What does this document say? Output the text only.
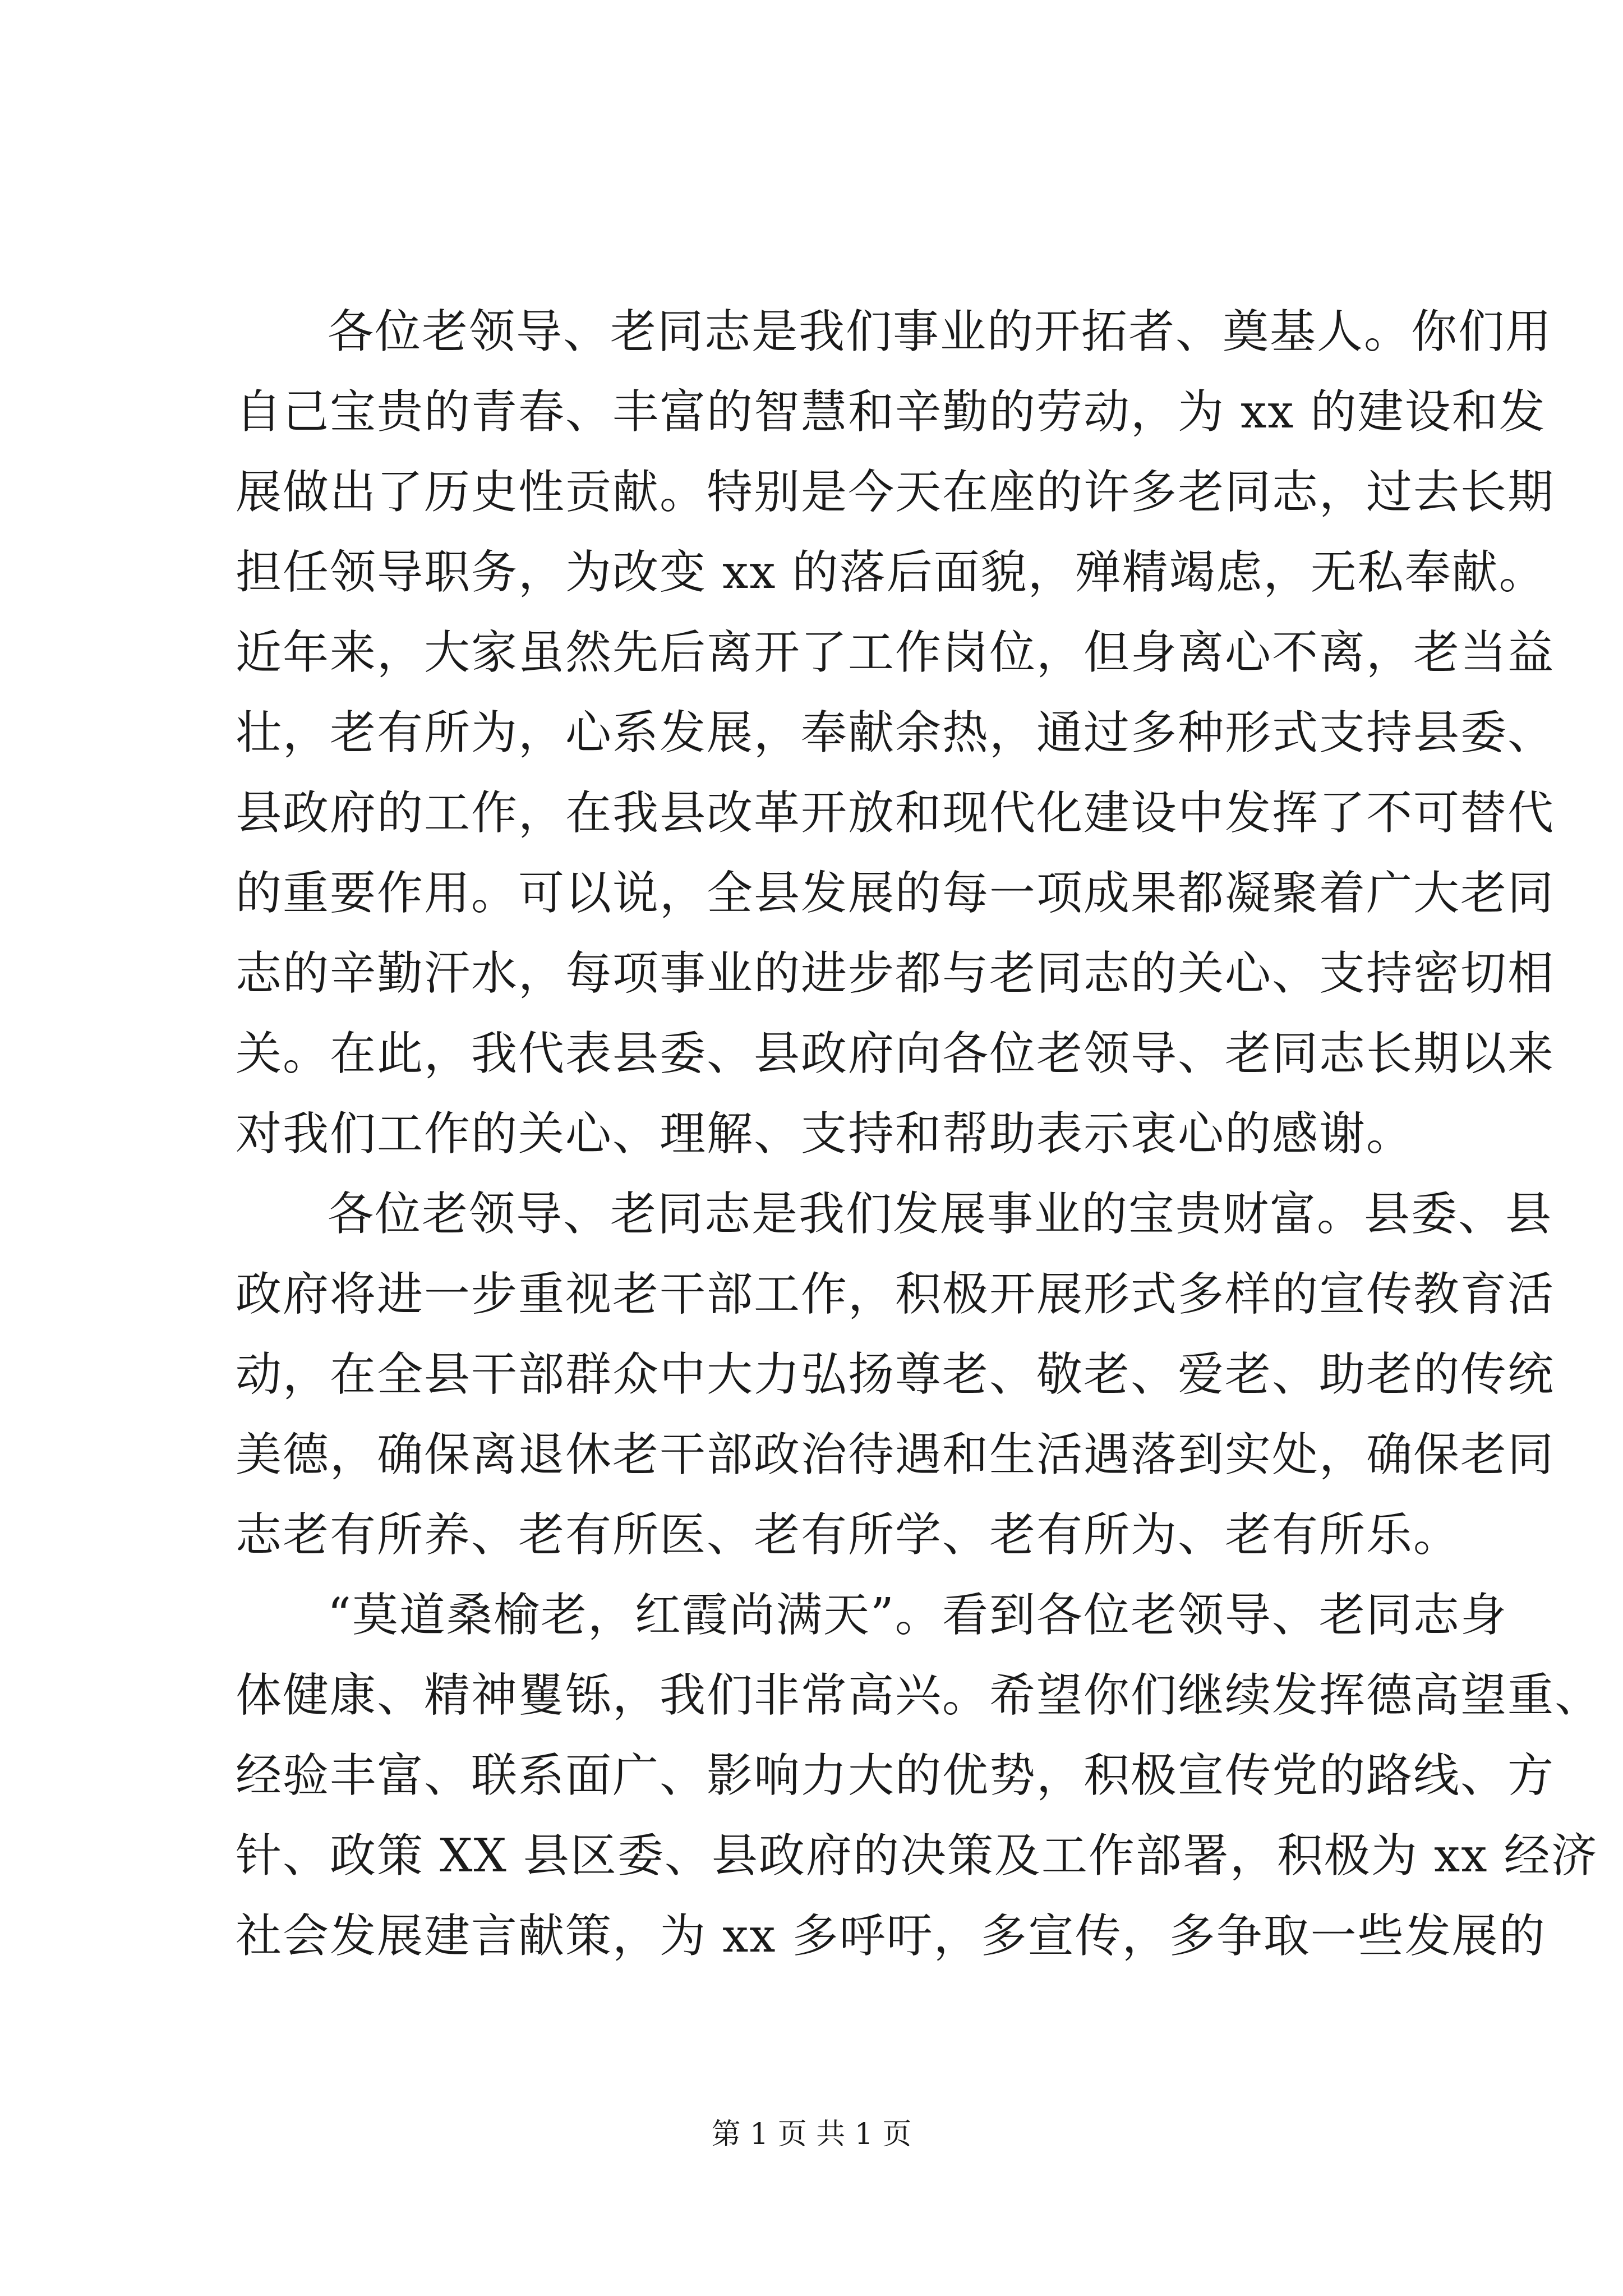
各位老领导、老同志是我们事业的开拓者、奠基人。你们用
自己宝贵的青春、丰富的智慧和辛勤的劳动，为 xx 的建设和发
展做出了历史性贡献。特别是今天在座的许多老同志，过去长期
担任领导职务，为改变 xx 的落后面貌，殚精竭虑，无私奉献。
近年来，大家虽然先后离开了工作岗位，但身离心不离，老当益
壮，老有所为，心系发展，奉献余热，通过多种形式支持县委、
县政府的工作，在我县改革开放和现代化建设中发挥了不可替代
的重要作用。可以说，全县发展的每一项成果都凝聚着广大老同
志的辛勤汗水，每项事业的进步都与老同志的关心、支持密切相
关。在此，我代表县委、县政府向各位老领导、老同志长期以来
对我们工作的关心、理解、支持和帮助表示衷心的感谢。
各位老领导、老同志是我们发展事业的宝贵财富。县委、县
政府将进一步重视老干部工作，积极开展形式多样的宣传教育活
动，在全县干部群众中大力弘扬尊老、敬老、爱老、助老的传统
美德，确保离退休老干部政治待遇和生活遇落到实处，确保老同
志老有所养、老有所医、老有所学、老有所为、老有所乐。
“莫道桑榆老，红霞尚满天”。看到各位老领导、老同志身
体健康、精神矍铄，我们非常高兴。希望你们继续发挥德高望重、
经验丰富、联系面广、影响力大的优势，积极宣传党的路线、方
针、政策 XX 县区委、县政府的决策及工作部署，积极为 xx 经济
社会发展建言献策，为 xx 多呼吁，多宣传，多争取一些发展的
第 1 页 共 1 页
